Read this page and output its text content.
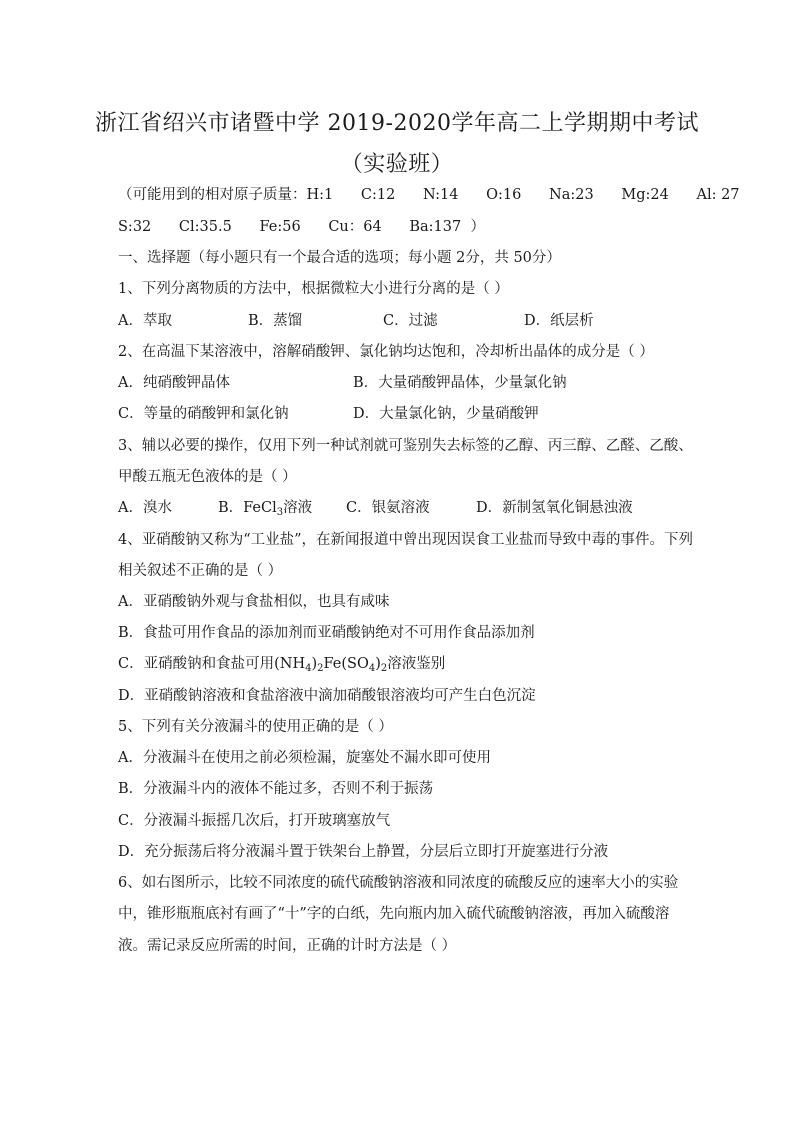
浙江省绍兴市诸暨中学 2019-2020学年高二上学期期中考试
（实验班）
（可能用到的相对原子质量：H:1      C:12      N:14      O:16      Na:23      Mg:24      Al: 27
S:32      Cl:35.5      Fe:56      Cu：64      Ba:137  ）
一、选择题（每小题只有一个最合适的选项；每小题 2分，共 50分）
1、下列分离物质的方法中，根据微粒大小进行分离的是（ ）
A．萃取	B．蒸馏	C．过滤	D．纸层析
2、在高温下某溶液中，溶解硝酸钾、氯化钠均达饱和，冷却析出晶体的成分是（ ）
A．纯硝酸钾晶体	B．大量硝酸钾晶体，少量氯化钠
C．等量的硝酸钾和氯化钠	D．大量氯化钠，少量硝酸钾
3、辅以必要的操作，仅用下列一种试剂就可鉴别失去标签的乙醇、丙三醇、乙醛、乙酸、
甲酸五瓶无色液体的是（ ）
A．溴水	B．FeCl$_3$溶液 C．银氨溶液	D．新制氢氧化铜悬浊液
4、亚硝酸钠又称为“工业盐”，在新闻报道中曾出现因误食工业盐而导致中毒的事件。下列
相关叙述不正确的是（ ）
A．亚硝酸钠外观与食盐相似，也具有咸味
B．食盐可用作食品的添加剂而亚硝酸钠绝对不可用作食品添加剂
C．亚硝酸钠和食盐可用$(NH_4)_2Fe(SO_4)_2$溶液鉴别
D．亚硝酸钠溶液和食盐溶液中滴加硝酸银溶液均可产生白色沉淀
5、下列有关分液漏斗的使用正确的是（ ）
A．分液漏斗在使用之前必须检漏，旋塞处不漏水即可使用
B．分液漏斗内的液体不能过多，否则不利于振荡
C．分液漏斗振摇几次后，打开玻璃塞放气
D．充分振荡后将分液漏斗置于铁架台上静置，分层后立即打开旋塞进行分液
6、如右图所示，比较不同浓度的硫代硫酸钠溶液和同浓度的硫酸反应的速率大小的实验
中，锥形瓶瓶底衬有画了“十”字的白纸，先向瓶内加入硫代硫酸钠溶液，再加入硫酸溶
液。需记录反应所需的时间，正确的计时方法是（ ）
